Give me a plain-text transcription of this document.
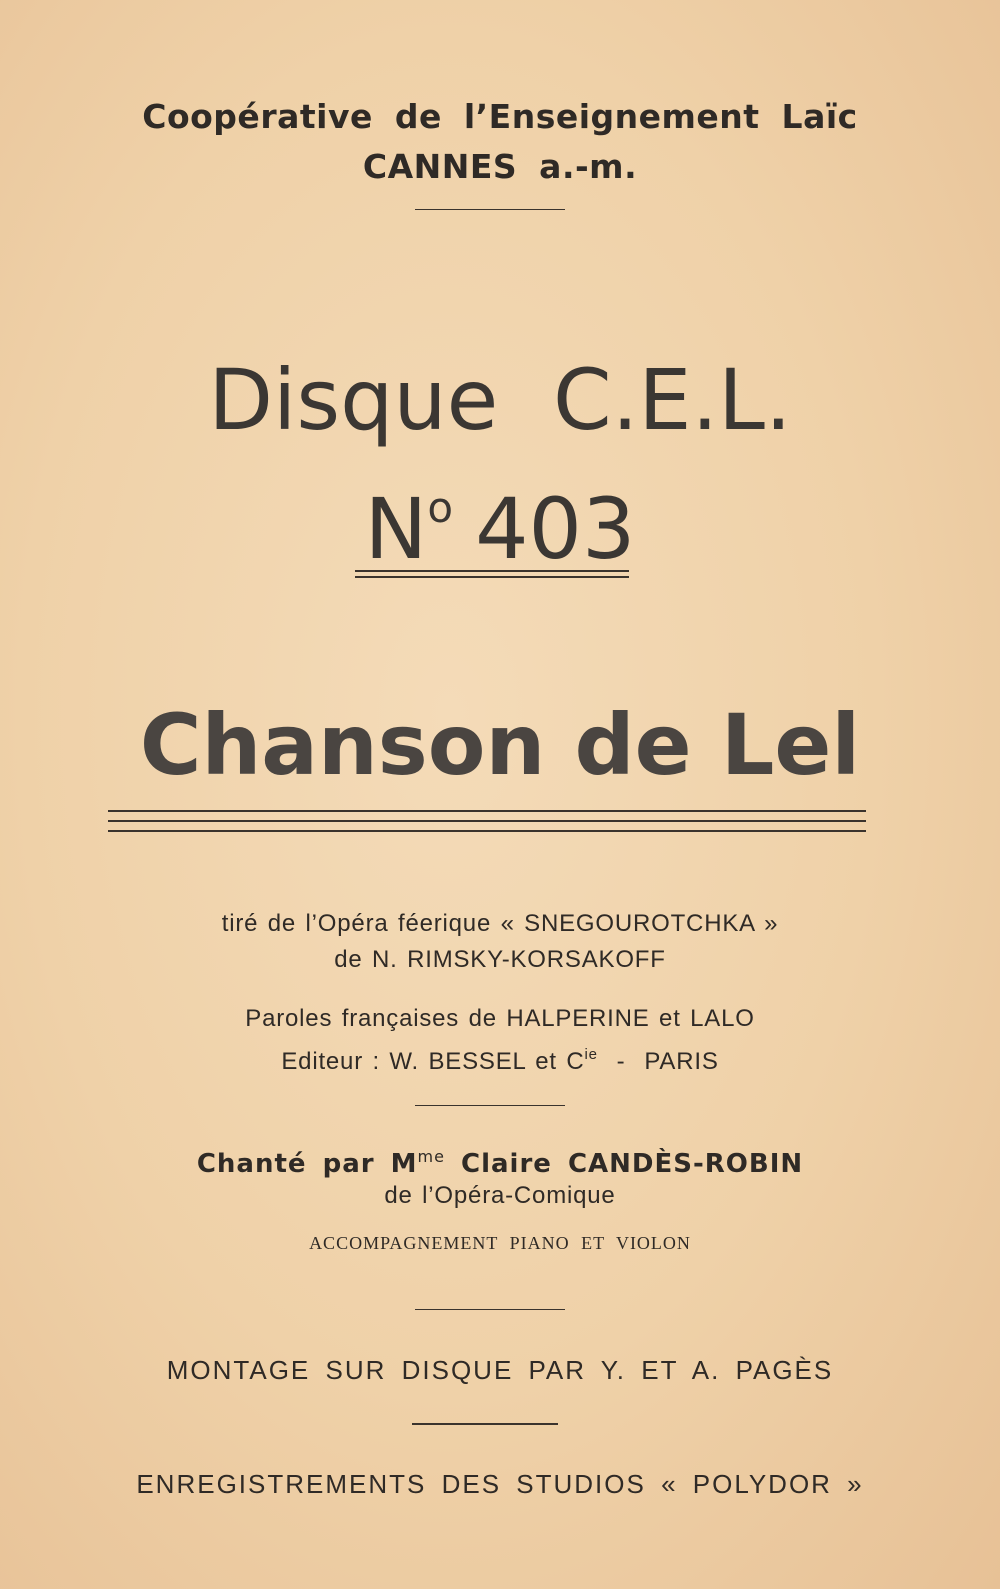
Coopérative de l’Enseignement Laïc
CANNES a.-m.
Disque C.E.L.
$N^o$ 403
Chanson de Lel
tiré de l’Opéra féerique « SNEGOUROTCHKA »
de N. RIMSKY-KORSAKOFF
Paroles françaises de HALPERINE et LALO
Editeur : W. BESSEL et $C^{ie}$  -  PARIS
Chanté par $M^{me}$ Claire CANDÈS-ROBIN
de l’Opéra-Comique
ACCOMPAGNEMENT PIANO ET VIOLON
MONTAGE SUR DISQUE PAR Y. ET A. PAGÈS
ENREGISTREMENTS DES STUDIOS « POLYDOR »
